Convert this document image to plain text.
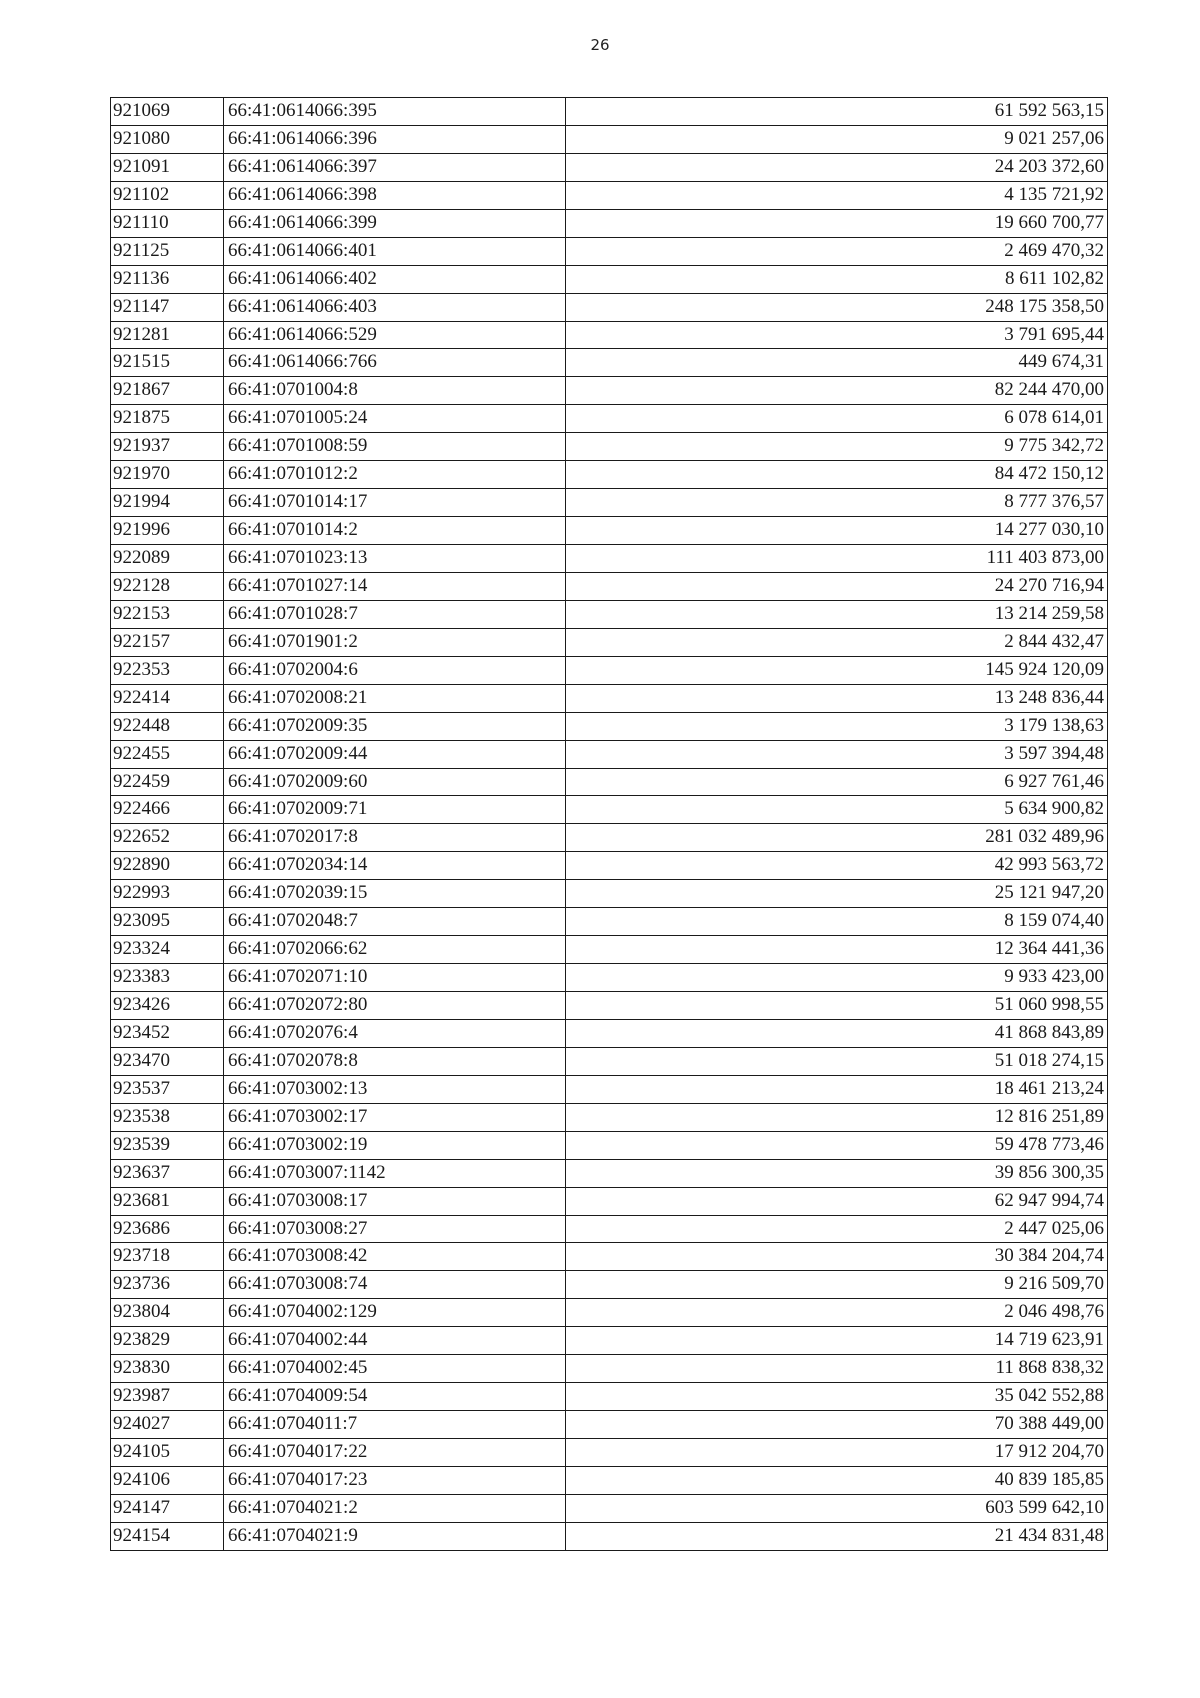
26
921069	66:41:0614066:395	61 592 563,15
921080	66:41:0614066:396	9 021 257,06
921091	66:41:0614066:397	24 203 372,60
921102	66:41:0614066:398	4 135 721,92
921110	66:41:0614066:399	19 660 700,77
921125	66:41:0614066:401	2 469 470,32
921136	66:41:0614066:402	8 611 102,82
921147	66:41:0614066:403	248 175 358,50
921281	66:41:0614066:529	3 791 695,44
921515	66:41:0614066:766	449 674,31
921867	66:41:0701004:8	82 244 470,00
921875	66:41:0701005:24	6 078 614,01
921937	66:41:0701008:59	9 775 342,72
921970	66:41:0701012:2	84 472 150,12
921994	66:41:0701014:17	8 777 376,57
921996	66:41:0701014:2	14 277 030,10
922089	66:41:0701023:13	111 403 873,00
922128	66:41:0701027:14	24 270 716,94
922153	66:41:0701028:7	13 214 259,58
922157	66:41:0701901:2	2 844 432,47
922353	66:41:0702004:6	145 924 120,09
922414	66:41:0702008:21	13 248 836,44
922448	66:41:0702009:35	3 179 138,63
922455	66:41:0702009:44	3 597 394,48
922459	66:41:0702009:60	6 927 761,46
922466	66:41:0702009:71	5 634 900,82
922652	66:41:0702017:8	281 032 489,96
922890	66:41:0702034:14	42 993 563,72
922993	66:41:0702039:15	25 121 947,20
923095	66:41:0702048:7	8 159 074,40
923324	66:41:0702066:62	12 364 441,36
923383	66:41:0702071:10	9 933 423,00
923426	66:41:0702072:80	51 060 998,55
923452	66:41:0702076:4	41 868 843,89
923470	66:41:0702078:8	51 018 274,15
923537	66:41:0703002:13	18 461 213,24
923538	66:41:0703002:17	12 816 251,89
923539	66:41:0703002:19	59 478 773,46
923637	66:41:0703007:1142	39 856 300,35
923681	66:41:0703008:17	62 947 994,74
923686	66:41:0703008:27	2 447 025,06
923718	66:41:0703008:42	30 384 204,74
923736	66:41:0703008:74	9 216 509,70
923804	66:41:0704002:129	2 046 498,76
923829	66:41:0704002:44	14 719 623,91
923830	66:41:0704002:45	11 868 838,32
923987	66:41:0704009:54	35 042 552,88
924027	66:41:0704011:7	70 388 449,00
924105	66:41:0704017:22	17 912 204,70
924106	66:41:0704017:23	40 839 185,85
924147	66:41:0704021:2	603 599 642,10
924154	66:41:0704021:9	21 434 831,48
